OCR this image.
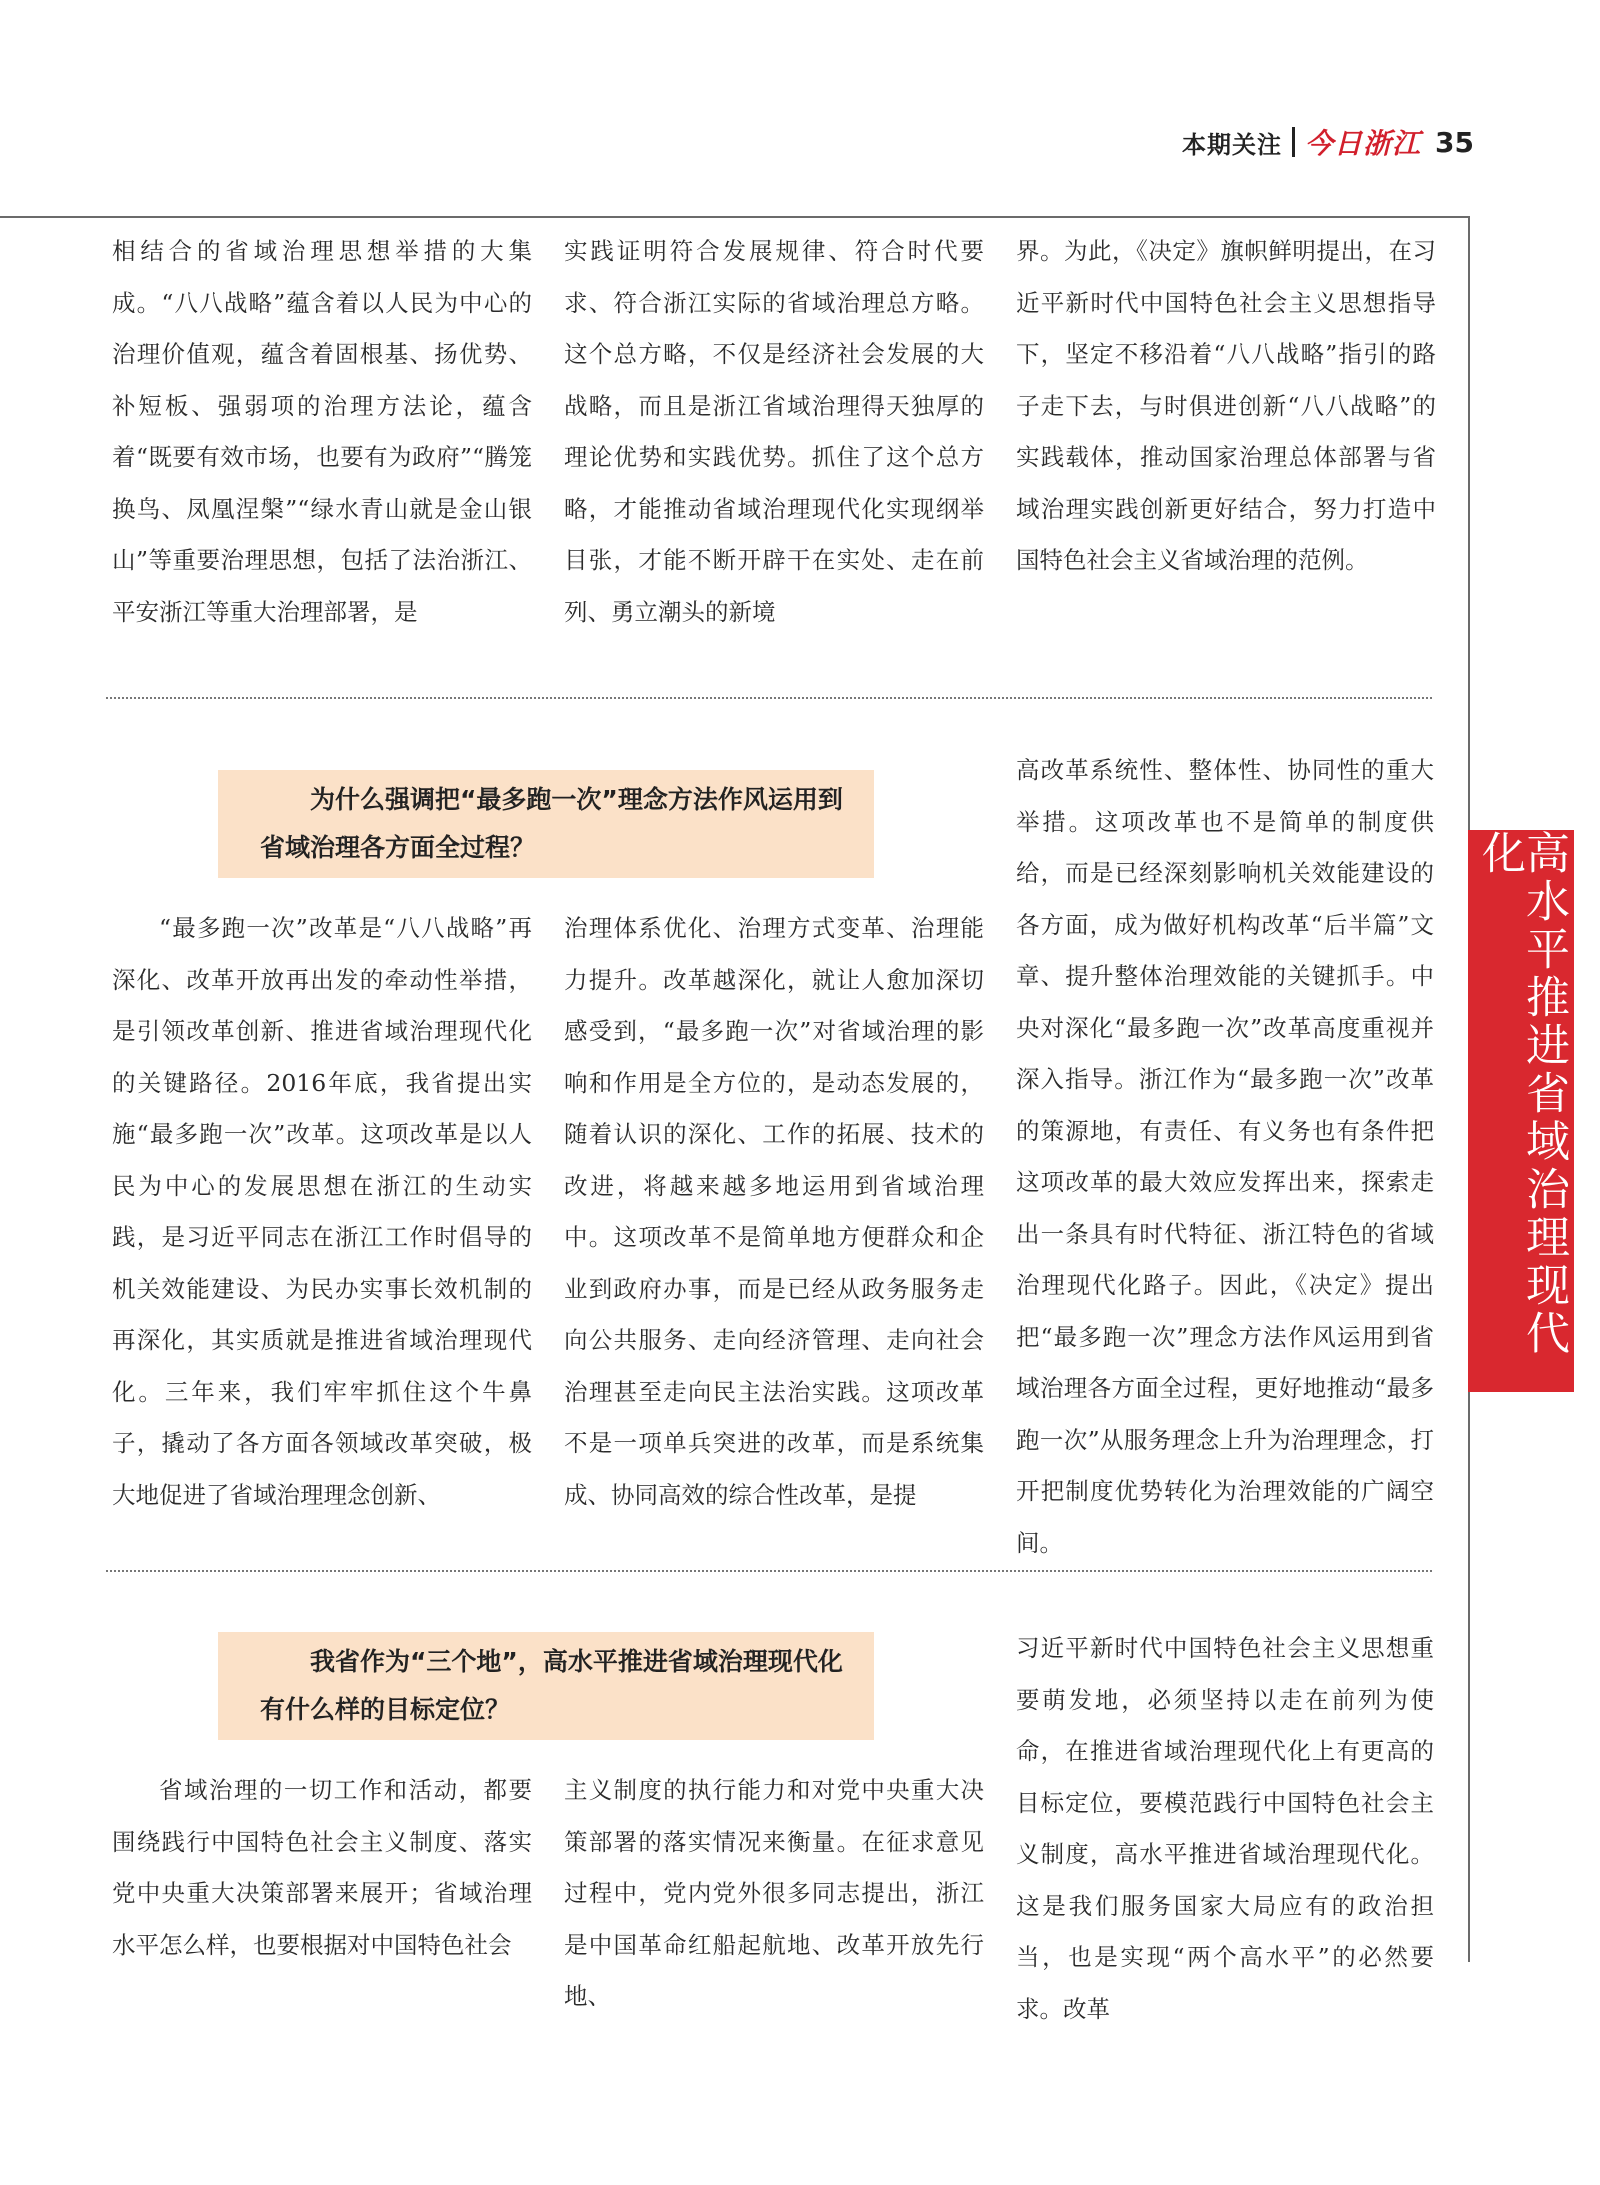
本期关注 今日浙江 35
高水平推进省域治理现代化

相结合的省域治理思想举措的大集成。“八八战略”蕴含着以人民为中心的治理价值观，蕴含着固根基、扬优势、补短板、强弱项的治理方法论，蕴含着“既要有效市场，也要有为政府”“腾笼换鸟、凤凰涅槃”“绿水青山就是金山银山”等重要治理思想，包括了法治浙江、平安浙江等重大治理部署，是

实践证明符合发展规律、符合时代要求、符合浙江实际的省域治理总方略。这个总方略，不仅是经济社会发展的大战略，而且是浙江省域治理得天独厚的理论优势和实践优势。抓住了这个总方略，才能推动省域治理现代化实现纲举目张，才能不断开辟干在实处、走在前列、勇立潮头的新境

界。为此，《决定》旗帜鲜明提出，在习近平新时代中国特色社会主义思想指导下，坚定不移沿着“八八战略”指引的路子走下去，与时俱进创新“八八战略”的实践载体，推动国家治理总体部署与省域治理实践创新更好结合，努力打造中国特色社会主义省域治理的范例。

为什么强调把“最多跑一次”理念方法作风运用到省域治理各方面全过程？

“最多跑一次”改革是“八八战略”再深化、改革开放再出发的牵动性举措，是引领改革创新、推进省域治理现代化的关键路径。2016年底，我省提出实施“最多跑一次”改革。这项改革是以人民为中心的发展思想在浙江的生动实践，是习近平同志在浙江工作时倡导的机关效能建设、为民办实事长效机制的再深化，其实质就是推进省域治理现代化。三年来，我们牢牢抓住这个牛鼻子，撬动了各方面各领域改革突破，极大地促进了省域治理理念创新、

治理体系优化、治理方式变革、治理能力提升。改革越深化，就让人愈加深切感受到，“最多跑一次”对省域治理的影响和作用是全方位的，是动态发展的，随着认识的深化、工作的拓展、技术的改进，将越来越多地运用到省域治理中。这项改革不是简单地方便群众和企业到政府办事，而是已经从政务服务走向公共服务、走向经济管理、走向社会治理甚至走向民主法治实践。这项改革不是一项单兵突进的改革，而是系统集成、协同高效的综合性改革，是提

高改革系统性、整体性、协同性的重大举措。这项改革也不是简单的制度供给，而是已经深刻影响机关效能建设的各方面，成为做好机构改革“后半篇”文章、提升整体治理效能的关键抓手。中央对深化“最多跑一次”改革高度重视并深入指导。浙江作为“最多跑一次”改革的策源地，有责任、有义务也有条件把这项改革的最大效应发挥出来，探索走出一条具有时代特征、浙江特色的省域治理现代化路子。因此，《决定》提出把“最多跑一次”理念方法作风运用到省域治理各方面全过程，更好地推动“最多跑一次”从服务理念上升为治理理念，打开把制度优势转化为治理效能的广阔空间。

我省作为“三个地”，高水平推进省域治理现代化有什么样的目标定位？

省域治理的一切工作和活动，都要围绕践行中国特色社会主义制度、落实党中央重大决策部署来展开；省域治理水平怎么样，也要根据对中国特色社会

主义制度的执行能力和对党中央重大决策部署的落实情况来衡量。在征求意见过程中，党内党外很多同志提出，浙江是中国革命红船起航地、改革开放先行地、

习近平新时代中国特色社会主义思想重要萌发地，必须坚持以走在前列为使命，在推进省域治理现代化上有更高的目标定位，要模范践行中国特色社会主义制度，高水平推进省域治理现代化。这是我们服务国家大局应有的政治担当，也是实现“两个高水平”的必然要求。改革
